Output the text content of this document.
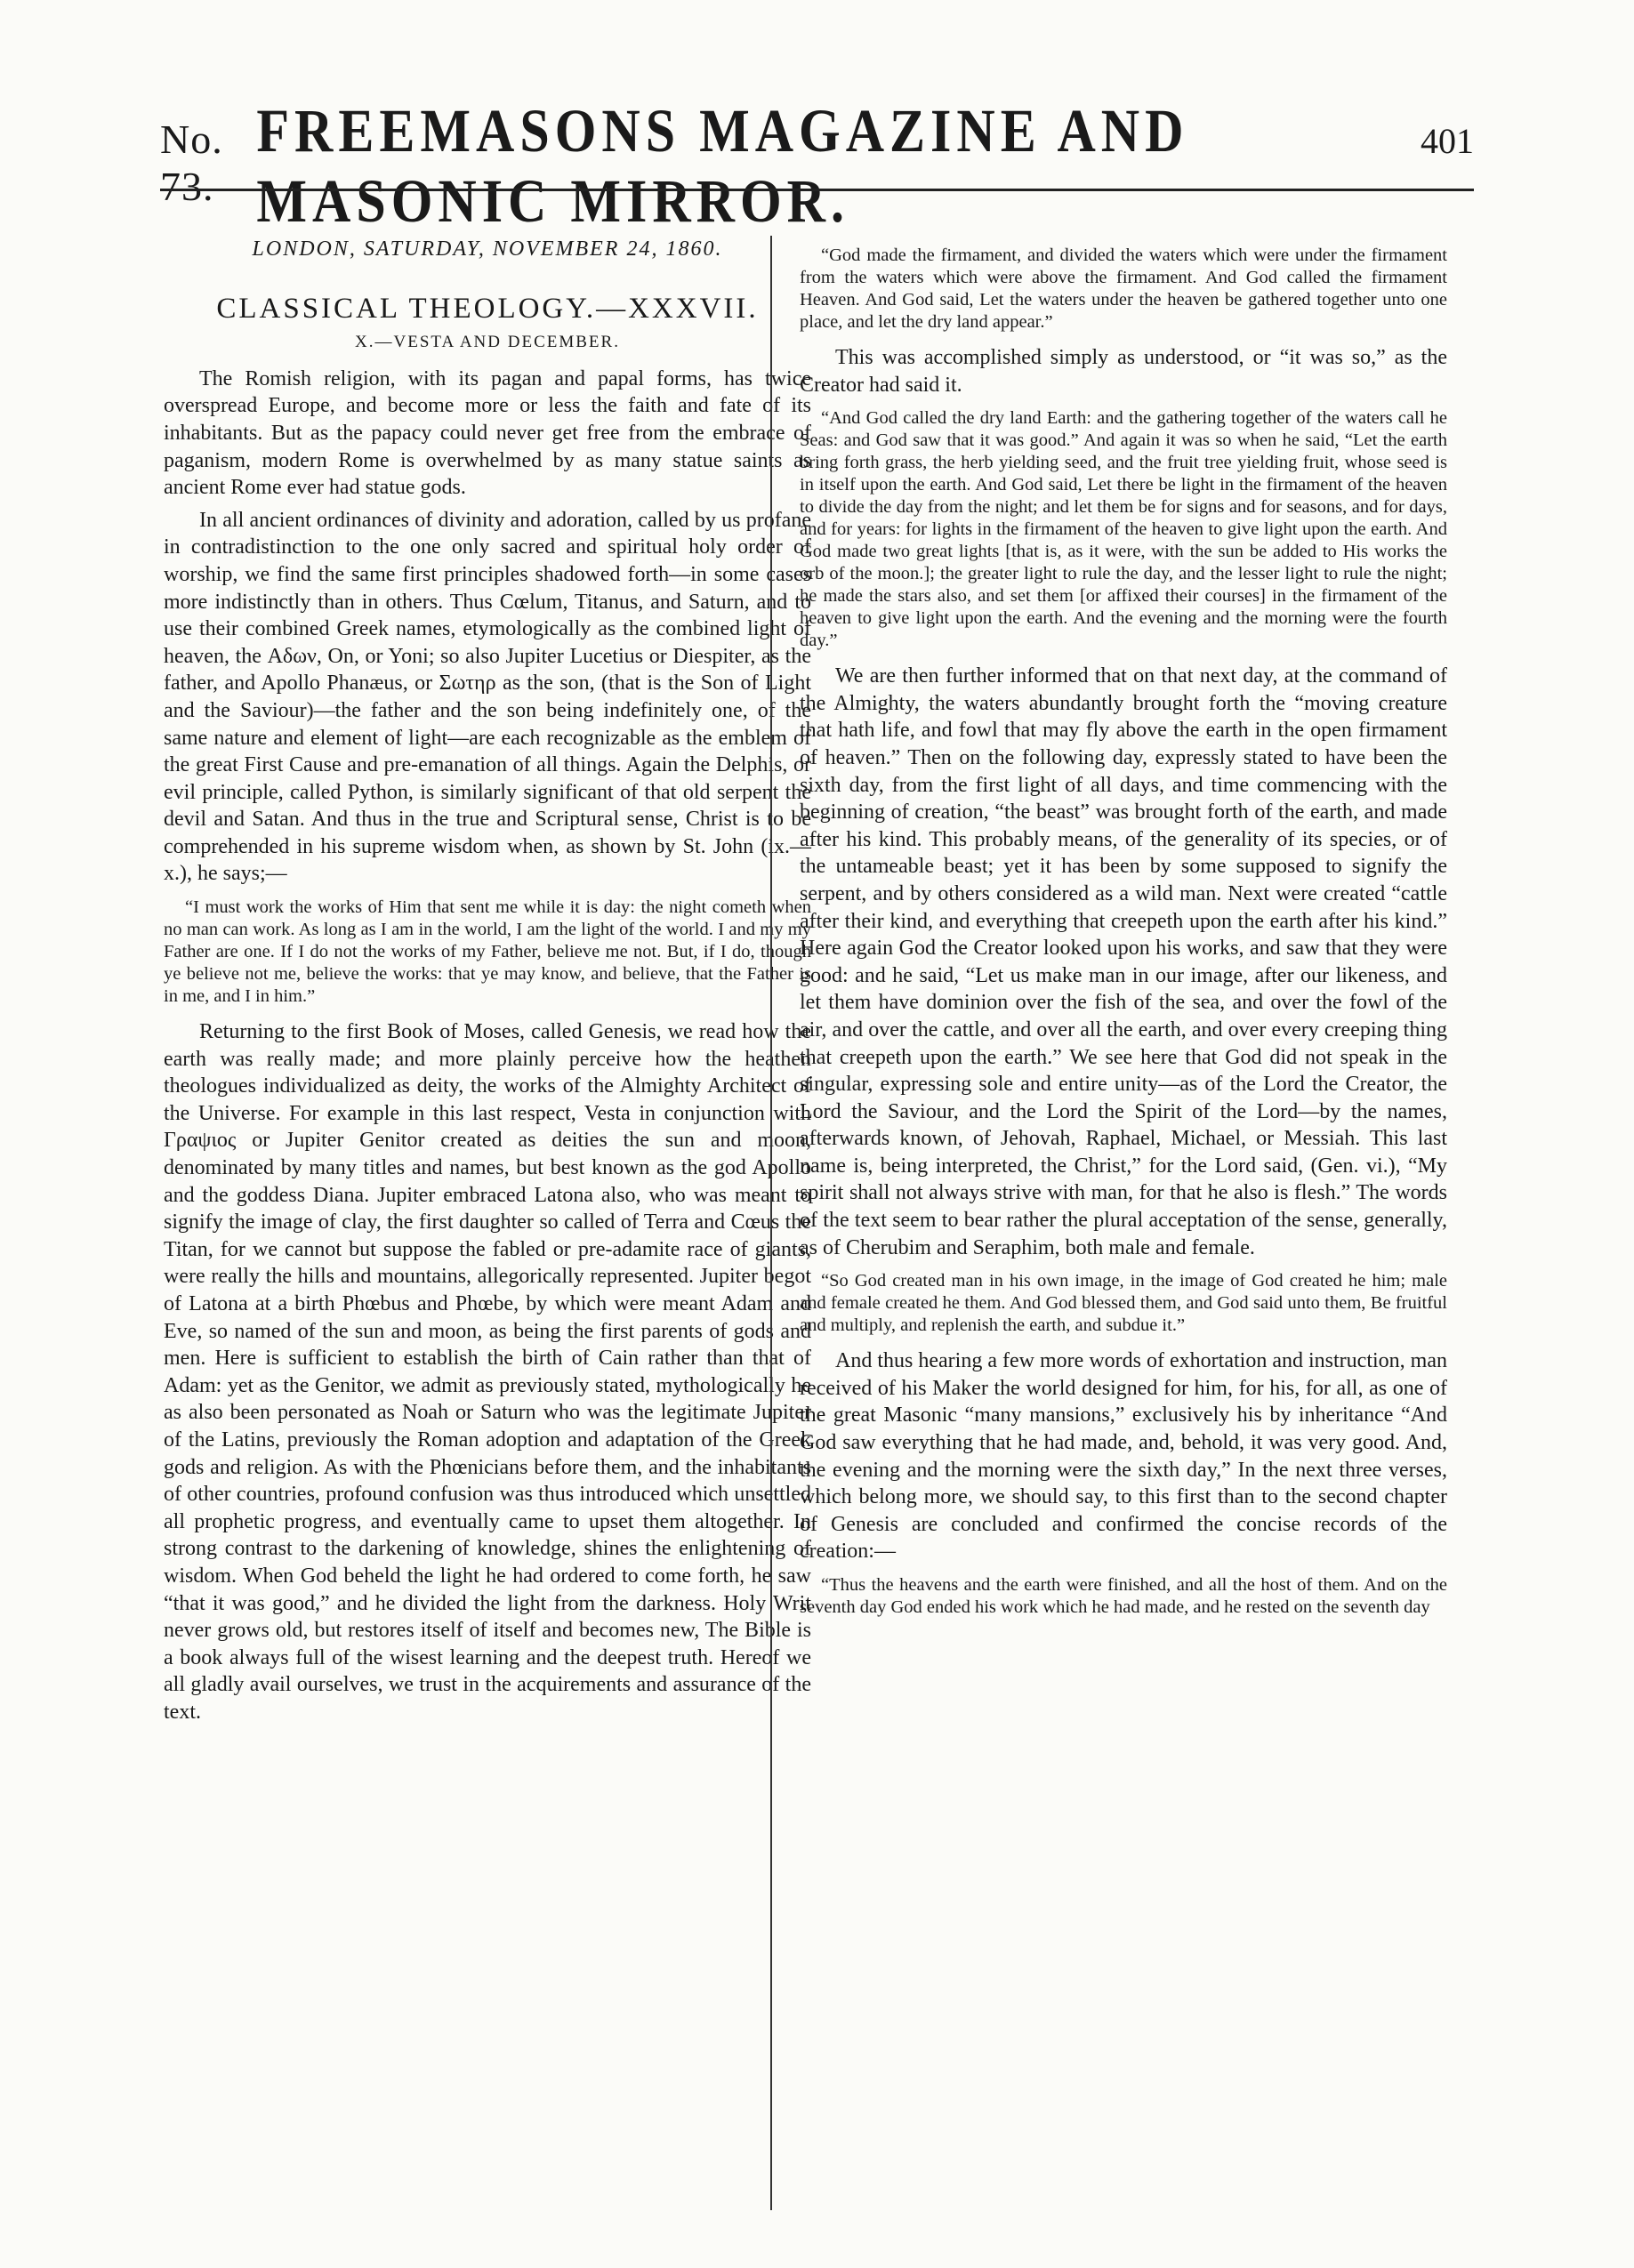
No. 73.
FREEMASONS MAGAZINE AND MASONIC MIRROR.
401
LONDON, SATURDAY, NOVEMBER 24, 1860.
CLASSICAL THEOLOGY.—XXXVII.
X.—VESTA AND DECEMBER.

The Romish religion, with its pagan and papal forms, has twice overspread Europe, and become more or less the faith and fate of its inhabitants. But as the papacy could never get free from the embrace of paganism, modern Rome is overwhelmed by as many statue saints as ancient Rome ever had statue gods.

In all ancient ordinances of divinity and adoration, called by us profane in contradistinction to the one only sacred and spiritual holy order of worship, we find the same first principles shadowed forth—in some cases more indistinctly than in others. Thus Cœlum, Titanus, and Saturn, and to use their combined Greek names, etymologically as the combined light of heaven, the Αδων, On, or Yoni; so also Jupiter Lucetius or Diespiter, as the father, and Apollo Phanæus, or Σωτηρ as the son, (that is the Son of Light and the Saviour)—the father and the son being indefinitely one, of the same nature and element of light—are each recognizable as the emblem of the great First Cause and pre-emanation of all things. Again the Delphis, or evil principle, called Python, is similarly significant of that old serpent the devil and Satan. And thus in the true and Scriptural sense, Christ is to be comprehended in his supreme wisdom when, as shown by St. John (ix.—x.), he says;—

“I must work the works of Him that sent me while it is day: the night cometh when no man can work. As long as I am in the world, I am the light of the world. I and my my Father are one. If I do not the works of my Father, believe me not. But, if I do, though ye believe not me, believe the works: that ye may know, and believe, that the Father is in me, and I in him.”

Returning to the first Book of Moses, called Genesis, we read how the earth was really made; and more plainly perceive how the heathen theologues individualized as deity, the works of the Almighty Architect of the Universe. For example in this last respect, Vesta in conjunction with Γραψιος or Jupiter Genitor created as deities the sun and moon, denominated by many titles and names, but best known as the god Apollo and the goddess Diana. Jupiter embraced Latona also, who was meant to signify the image of clay, the first daughter so called of Terra and Cœus the Titan, for we cannot but suppose the fabled or pre-adamite race of giants, were really the hills and mountains, allegorically represented. Jupiter begot of Latona at a birth Phœbus and Phœbe, by which were meant Adam and Eve, so named of the sun and moon, as being the first parents of gods and men. Here is sufficient to establish the birth of Cain rather than that of Adam: yet as the Genitor, we admit as previously stated, mythologically he as also been personated as Noah or Saturn who was the legitimate Jupiter of the Latins, previously the Roman adoption and adaptation of the Greek gods and religion. As with the Phœnicians before them, and the inhabitants of other countries, profound confusion was thus introduced which unsettled all prophetic progress, and eventually came to upset them altogether. In strong contrast to the darkening of knowledge, shines the enlightening of wisdom. When God beheld the light he had ordered to come forth, he saw “that it was good,” and he divided the light from the darkness. Holy Writ never grows old, but restores itself of itself and becomes new, The Bible is a book always full of the wisest learning and the deepest truth. Hereof we all gladly avail ourselves, we trust in the acquirements and assurance of the text.

“God made the firmament, and divided the waters which were under the firmament from the waters which were above the firmament. And God called the firmament Heaven. And God said, Let the waters under the heaven be gathered together unto one place, and let the dry land appear.”

This was accomplished simply as understood, or “it was so,” as the Creator had said it.

“And God called the dry land Earth: and the gathering together of the waters call he Seas: and God saw that it was good.” And again it was so when he said, “Let the earth bring forth grass, the herb yielding seed, and the fruit tree yielding fruit, whose seed is in itself upon the earth. And God said, Let there be light in the firmament of the heaven to divide the day from the night; and let them be for signs and for seasons, and for days, and for years: for lights in the firmament of the heaven to give light upon the earth. And God made two great lights [that is, as it were, with the sun be added to His works the orb of the moon.]; the greater light to rule the day, and the lesser light to rule the night; he made the stars also, and set them [or affixed their courses] in the firmament of the heaven to give light upon the earth. And the evening and the morning were the fourth day.”

We are then further informed that on that next day, at the command of the Almighty, the waters abundantly brought forth the “moving creature that hath life, and fowl that may fly above the earth in the open firmament of heaven.” Then on the following day, expressly stated to have been the sixth day, from the first light of all days, and time commencing with the beginning of creation, “the beast” was brought forth of the earth, and made after his kind. This probably means, of the generality of its species, or of the untameable beast; yet it has been by some supposed to signify the serpent, and by others considered as a wild man. Next were created “cattle after their kind, and everything that creepeth upon the earth after his kind.” Here again God the Creator looked upon his works, and saw that they were good: and he said, “Let us make man in our image, after our likeness, and let them have dominion over the fish of the sea, and over the fowl of the air, and over the cattle, and over all the earth, and over every creeping thing that creepeth upon the earth.” We see here that God did not speak in the singular, expressing sole and entire unity—as of the Lord the Creator, the Lord the Saviour, and the Lord the Spirit of the Lord—by the names, afterwards known, of Jehovah, Raphael, Michael, or Messiah. This last name is, being interpreted, the Christ,” for the Lord said, (Gen. vi.), “My spirit shall not always strive with man, for that he also is flesh.” The words of the text seem to bear rather the plural acceptation of the sense, generally, as of Cherubim and Seraphim, both male and female.

“So God created man in his own image, in the image of God created he him; male and female created he them. And God blessed them, and God said unto them, Be fruitful and multiply, and replenish the earth, and subdue it.”

And thus hearing a few more words of exhortation and instruction, man received of his Maker the world designed for him, for his, for all, as one of the great Masonic “many mansions,” exclusively his by inheritance “And God saw everything that he had made, and, behold, it was very good. And, the evening and the morning were the sixth day,” In the next three verses, which belong more, we should say, to this first than to the second chapter of Genesis are concluded and confirmed the concise records of the creation:—

“Thus the heavens and the earth were finished, and all the host of them. And on the seventh day God ended his work which he had made, and he rested on the seventh day
